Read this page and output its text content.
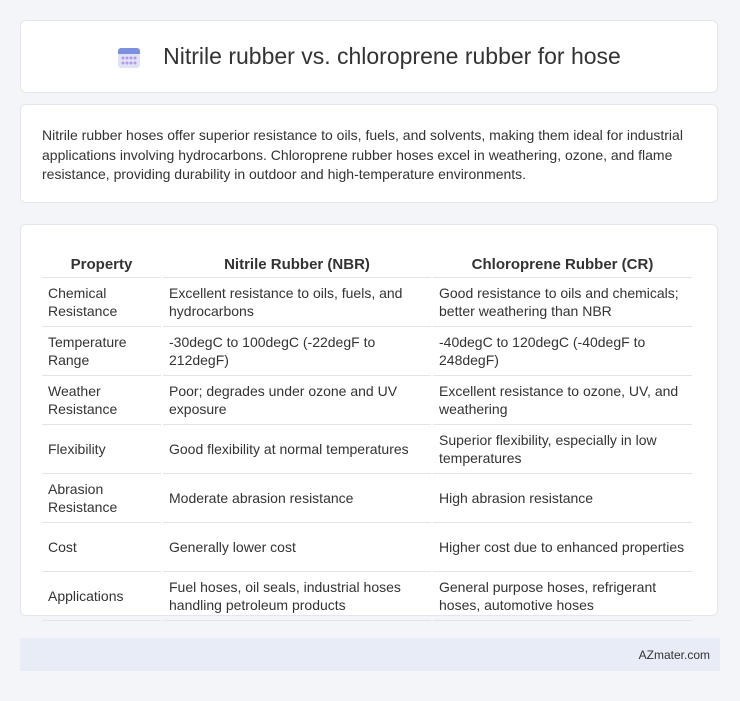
Nitrile rubber vs. chloroprene rubber for hose

Nitrile rubber hoses offer superior resistance to oils, fuels, and solvents, making them ideal for industrial applications involving hydrocarbons. Chloroprene rubber hoses excel in weathering, ozone, and flame resistance, providing durability in outdoor and high-temperature environments.

Property	Nitrile Rubber (NBR)	Chloroprene Rubber (CR)
Chemical Resistance	Excellent resistance to oils, fuels, and hydrocarbons	Good resistance to oils and chemicals; better weathering than NBR
Temperature Range	-30degC to 100degC (-22degF to 212degF)	-40degC to 120degC (-40degF to 248degF)
Weather Resistance	Poor; degrades under ozone and UV exposure	Excellent resistance to ozone, UV, and weathering
Flexibility	Good flexibility at normal temperatures	Superior flexibility, especially in low temperatures
Abrasion Resistance	Moderate abrasion resistance	High abrasion resistance
Cost	Generally lower cost	Higher cost due to enhanced properties
Applications	Fuel hoses, oil seals, industrial hoses handling petroleum products	General purpose hoses, refrigerant hoses, automotive hoses
AZmater.com
